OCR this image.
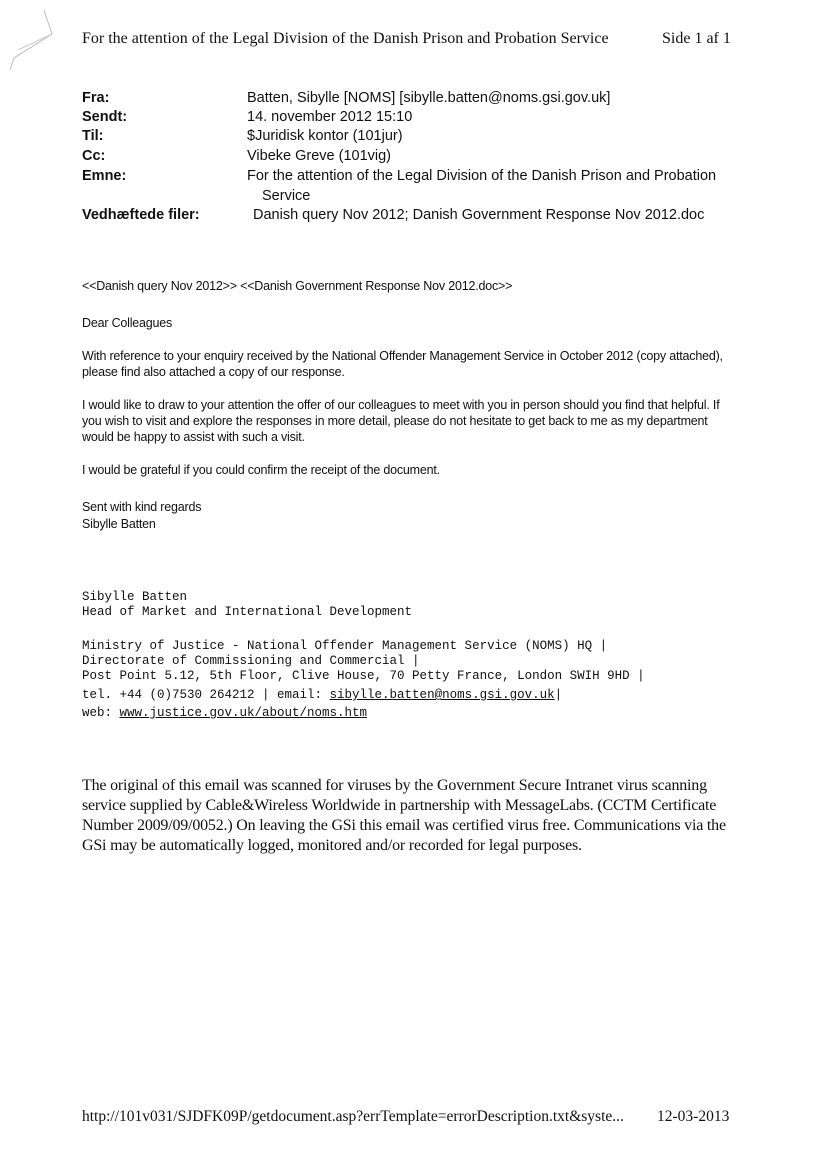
For the attention of the Legal Division of the Danish Prison and Probation Service	Side 1 af 1
Fra:	Batten, Sibylle [NOMS] [sibylle.batten@noms.gsi.gov.uk]
Sendt:	14. november 2012 15:10
Til:	$Juridisk kontor (101jur)
Cc:	Vibeke Greve (101vig)
Emne:	For the attention of the Legal Division of the Danish Prison and Probation
Service
Vedhæftede filer:	Danish query Nov 2012; Danish Government Response Nov 2012.doc
<<Danish query Nov 2012>> <<Danish Government Response Nov 2012.doc>>
Dear Colleagues
With reference to your enquiry received by the National Offender Management Service in October 2012 (copy attached), please find also attached a copy of our response.
I would like to draw to your attention the offer of our colleagues to meet with you in person should you find that helpful. If you wish to visit and explore the responses in more detail, please do not hesitate to get back to me as my department would be happy to assist with such a visit.
I would be grateful if you could confirm the receipt of the document.
Sent with kind regards
Sibylle Batten
Sibylle Batten
Head of Market and International Development
Ministry of Justice - National Offender Management Service (NOMS) HQ |
Directorate of Commissioning and Commercial |
Post Point 5.12, 5th Floor, Clive House, 70 Petty France, London SWIH 9HD |
tel. +44 (0)7530 264212 | email: sibylle.batten@noms.gsi.gov.uk|
web: www.justice.gov.uk/about/noms.htm
The original of this email was scanned for viruses by the Government Secure Intranet virus scanning service supplied by Cable&Wireless Worldwide in partnership with MessageLabs. (CCTM Certificate Number 2009/09/0052.) On leaving the GSi this email was certified virus free. Communications via the GSi may be automatically logged, monitored and/or recorded for legal purposes.
http://101v031/SJDFK09P/getdocument.asp?errTemplate=errorDescription.txt&syste... 12-03-2013
